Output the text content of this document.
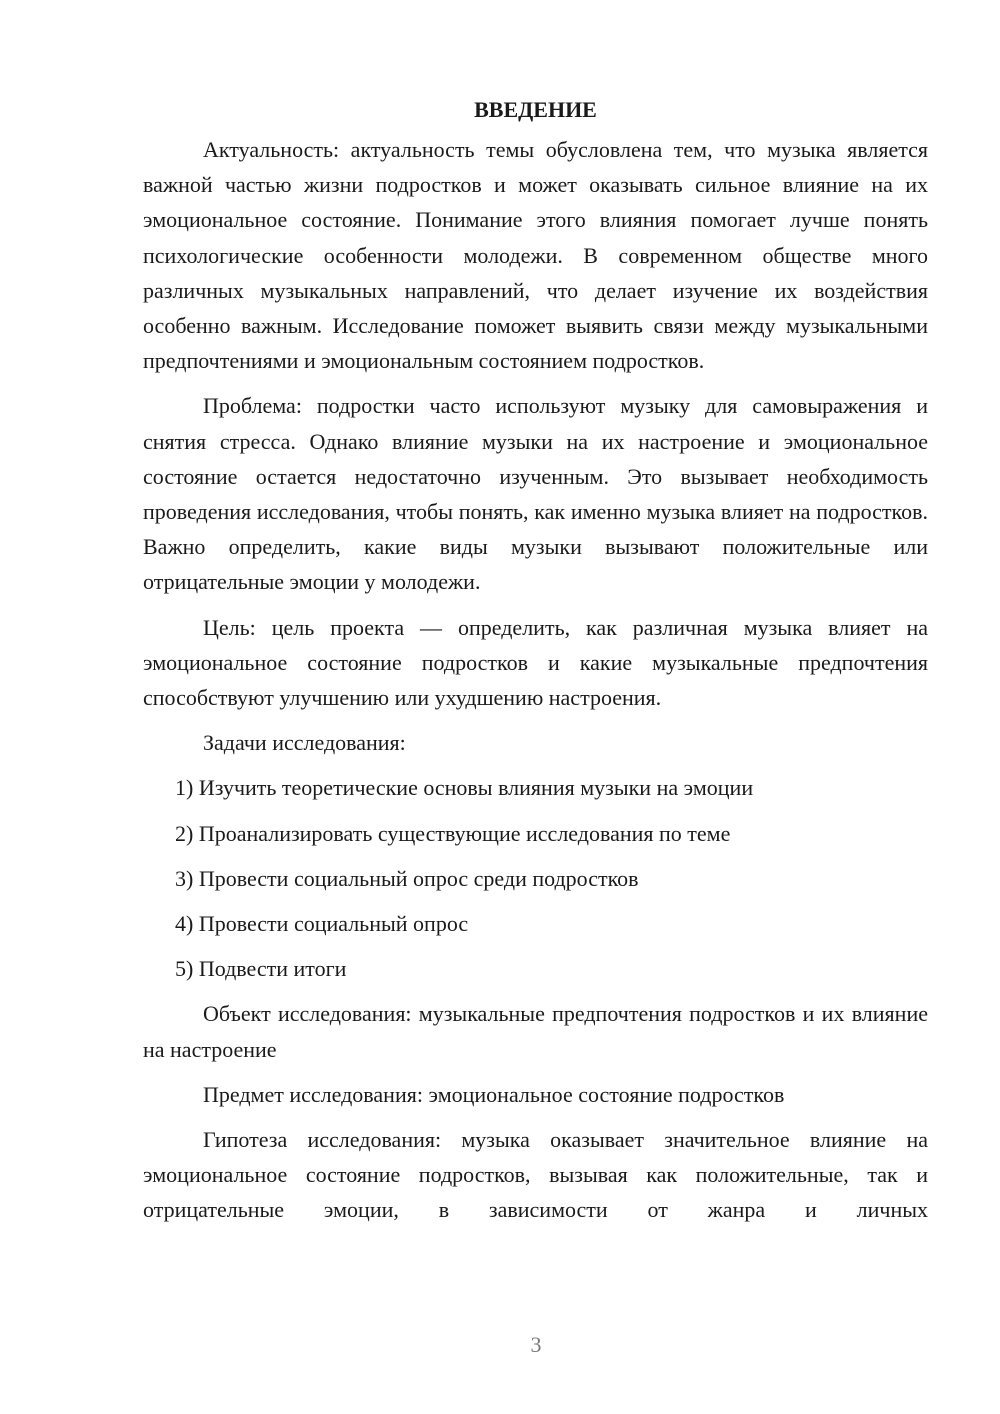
ВВЕДЕНИЕ

Актуальность: актуальность темы обусловлена тем, что музыка является важной частью жизни подростков и может оказывать сильное влияние на их эмоциональное состояние. Понимание этого влияния помогает лучше понять психологические особенности молодежи. В современном обществе много различных музыкальных направлений, что делает изучение их воздействия особенно важным. Исследование поможет выявить связи между музыкальными предпочтениями и эмоциональным состоянием подростков.

Проблема: подростки часто используют музыку для самовыражения и снятия стресса. Однако влияние музыки на их настроение и эмоциональное состояние остается недостаточно изученным. Это вызывает необходимость проведения исследования, чтобы понять, как именно музыка влияет на подростков. Важно определить, какие виды музыки вызывают положительные или отрицательные эмоции у молодежи.

Цель: цель проекта — определить, как различная музыка влияет на эмоциональное состояние подростков и какие музыкальные предпочтения способствуют улучшению или ухудшению настроения.

Задачи исследования:

1) Изучить теоретические основы влияния музыки на эмоции
2) Проанализировать существующие исследования по теме
3) Провести социальный опрос среди подростков
4) Провести социальный опрос
5) Подвести итоги

Объект исследования: музыкальные предпочтения подростков и их влияние на настроение

Предмет исследования: эмоциональное состояние подростков

Гипотеза исследования: музыка оказывает значительное влияние на эмоциональное состояние подростков, вызывая как положительные, так и отрицательные эмоции, в зависимости от жанра и личных

3
